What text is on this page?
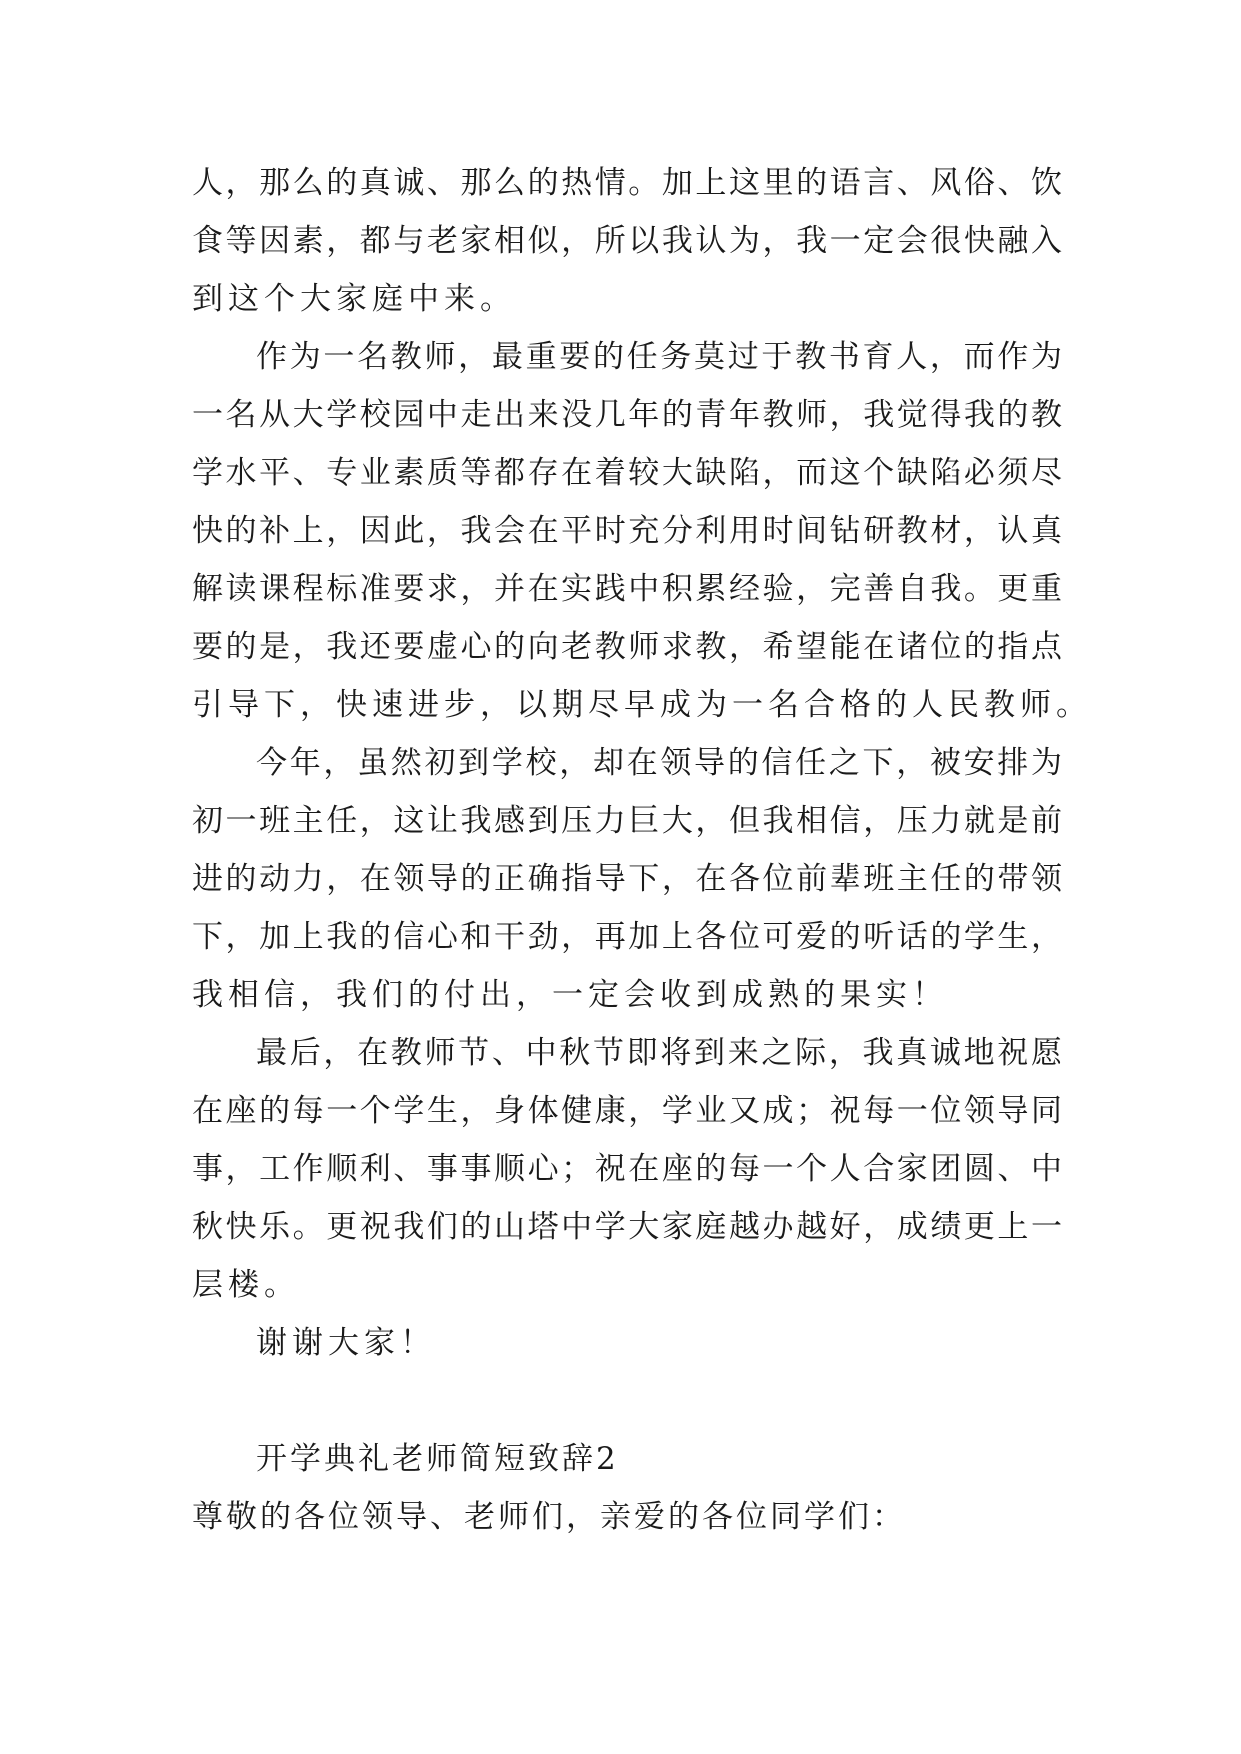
人，那么的真诚、那么的热情。加上这里的语言、风俗、饮
食等因素，都与老家相似，所以我认为，我一定会很快融入
到这个大家庭中来。
作为一名教师，最重要的任务莫过于教书育人，而作为
一名从大学校园中走出来没几年的青年教师，我觉得我的教
学水平、专业素质等都存在着较大缺陷，而这个缺陷必须尽
快的补上，因此，我会在平时充分利用时间钻研教材，认真
解读课程标准要求，并在实践中积累经验，完善自我。更重
要的是，我还要虚心的向老教师求教，希望能在诸位的指点
引导下，快速进步，以期尽早成为一名合格的人民教师。
今年，虽然初到学校，却在领导的信任之下，被安排为
初一班主任，这让我感到压力巨大，但我相信，压力就是前
进的动力，在领导的正确指导下，在各位前辈班主任的带领
下，加上我的信心和干劲，再加上各位可爱的听话的学生，
我相信，我们的付出，一定会收到成熟的果实！
最后，在教师节、中秋节即将到来之际，我真诚地祝愿
在座的每一个学生，身体健康，学业又成；祝每一位领导同
事，工作顺利、事事顺心；祝在座的每一个人合家团圆、中
秋快乐。更祝我们的山塔中学大家庭越办越好，成绩更上一
层楼。
谢谢大家！
开学典礼老师简短致辞2
尊敬的各位领导、老师们，亲爱的各位同学们：
